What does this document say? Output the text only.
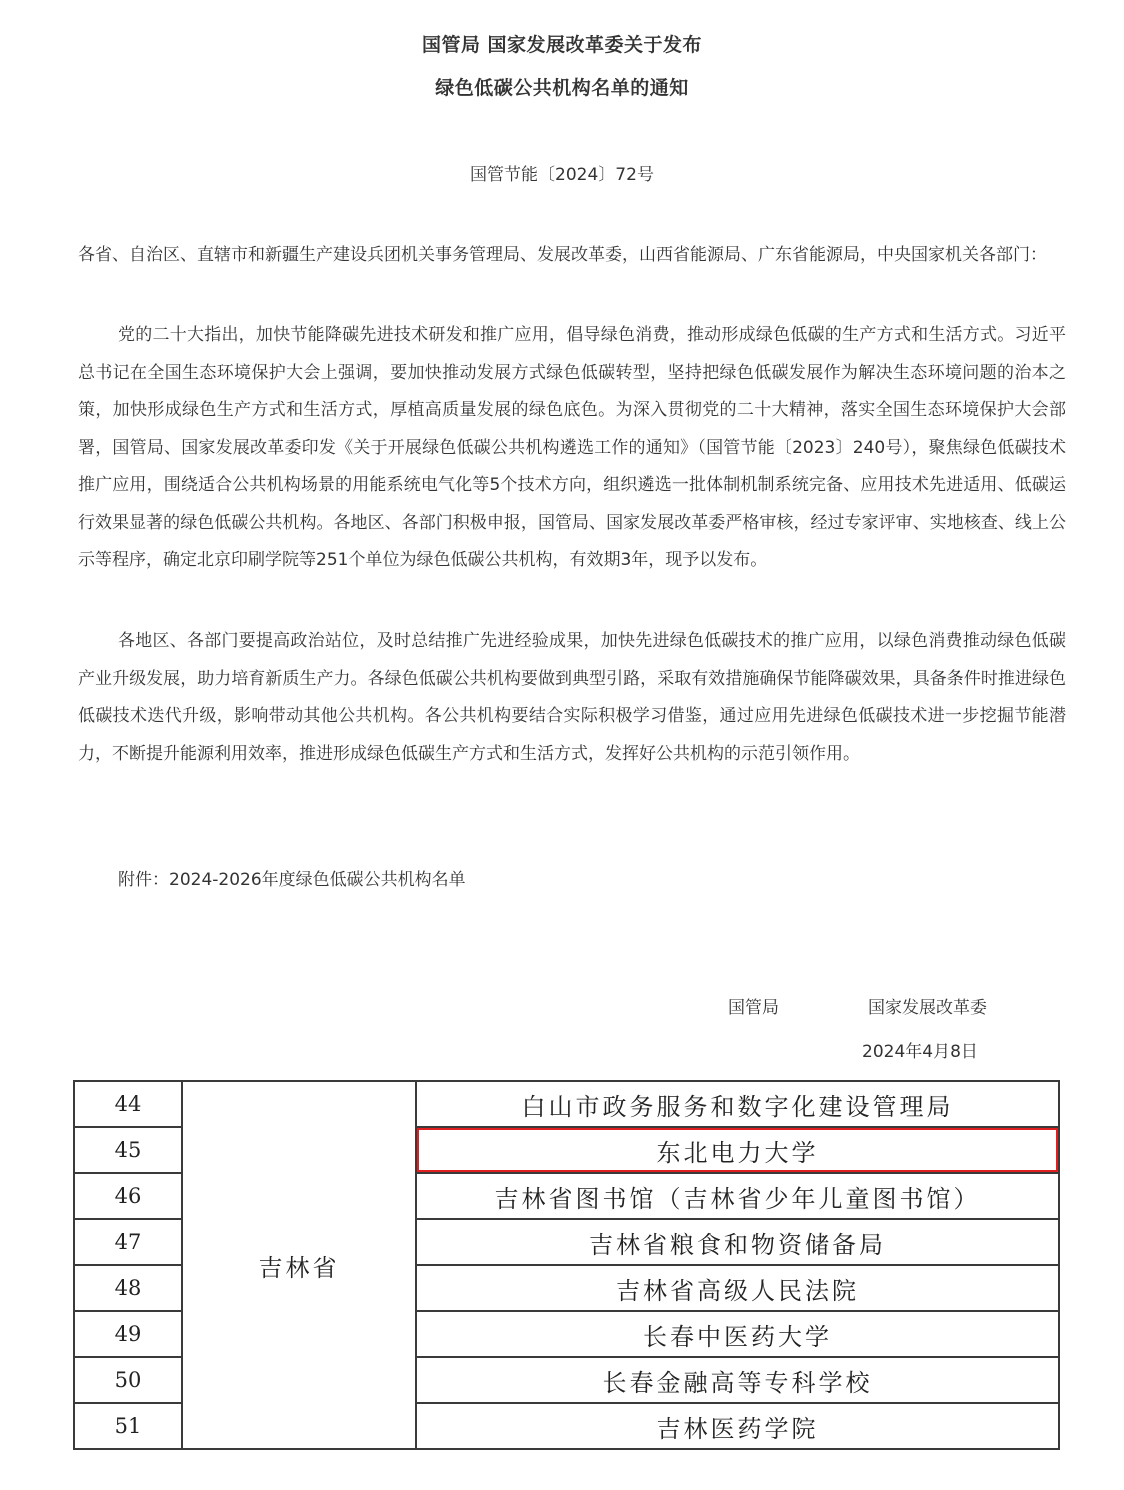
国管局 国家发展改革委关于发布
绿色低碳公共机构名单的通知
国管节能〔2024〕72号

各省、自治区、直辖市和新疆生产建设兵团机关事务管理局、发展改革委，山西省能源局、广东省能源局，中央国家机关各部门：

党的二十大指出，加快节能降碳先进技术研发和推广应用，倡导绿色消费，推动形成绿色低碳的生产方式和生活方式。习近平总书记在全国生态环境保护大会上强调，要加快推动发展方式绿色低碳转型，坚持把绿色低碳发展作为解决生态环境问题的治本之策，加快形成绿色生产方式和生活方式，厚植高质量发展的绿色底色。为深入贯彻党的二十大精神，落实全国生态环境保护大会部署，国管局、国家发展改革委印发《关于开展绿色低碳公共机构遴选工作的通知》（国管节能〔2023〕240号），聚焦绿色低碳技术推广应用，围绕适合公共机构场景的用能系统电气化等5个技术方向，组织遴选一批体制机制系统完备、应用技术先进适用、低碳运行效果显著的绿色低碳公共机构。各地区、各部门积极申报，国管局、国家发展改革委严格审核，经过专家评审、实地核查、线上公示等程序，确定北京印刷学院等251个单位为绿色低碳公共机构，有效期3年，现予以发布。

各地区、各部门要提高政治站位，及时总结推广先进经验成果，加快先进绿色低碳技术的推广应用，以绿色消费推动绿色低碳产业升级发展，助力培育新质生产力。各绿色低碳公共机构要做到典型引路，采取有效措施确保节能降碳效果，具备条件时推进绿色低碳技术迭代升级，影响带动其他公共机构。各公共机构要结合实际积极学习借鉴，通过应用先进绿色低碳技术进一步挖掘节能潜力，不断提升能源利用效率，推进形成绿色低碳生产方式和生活方式，发挥好公共机构的示范引领作用。

附件：2024-2026年度绿色低碳公共机构名单
国管局	国家发展改革委
2024年4月8日
44	吉林省	白山市政务服务和数字化建设管理局
45		东北电力大学
46		吉林省图书馆（吉林省少年儿童图书馆）
47		吉林省粮食和物资储备局
48		吉林省高级人民法院
49		长春中医药大学
50		长春金融高等专科学校
51		吉林医药学院
